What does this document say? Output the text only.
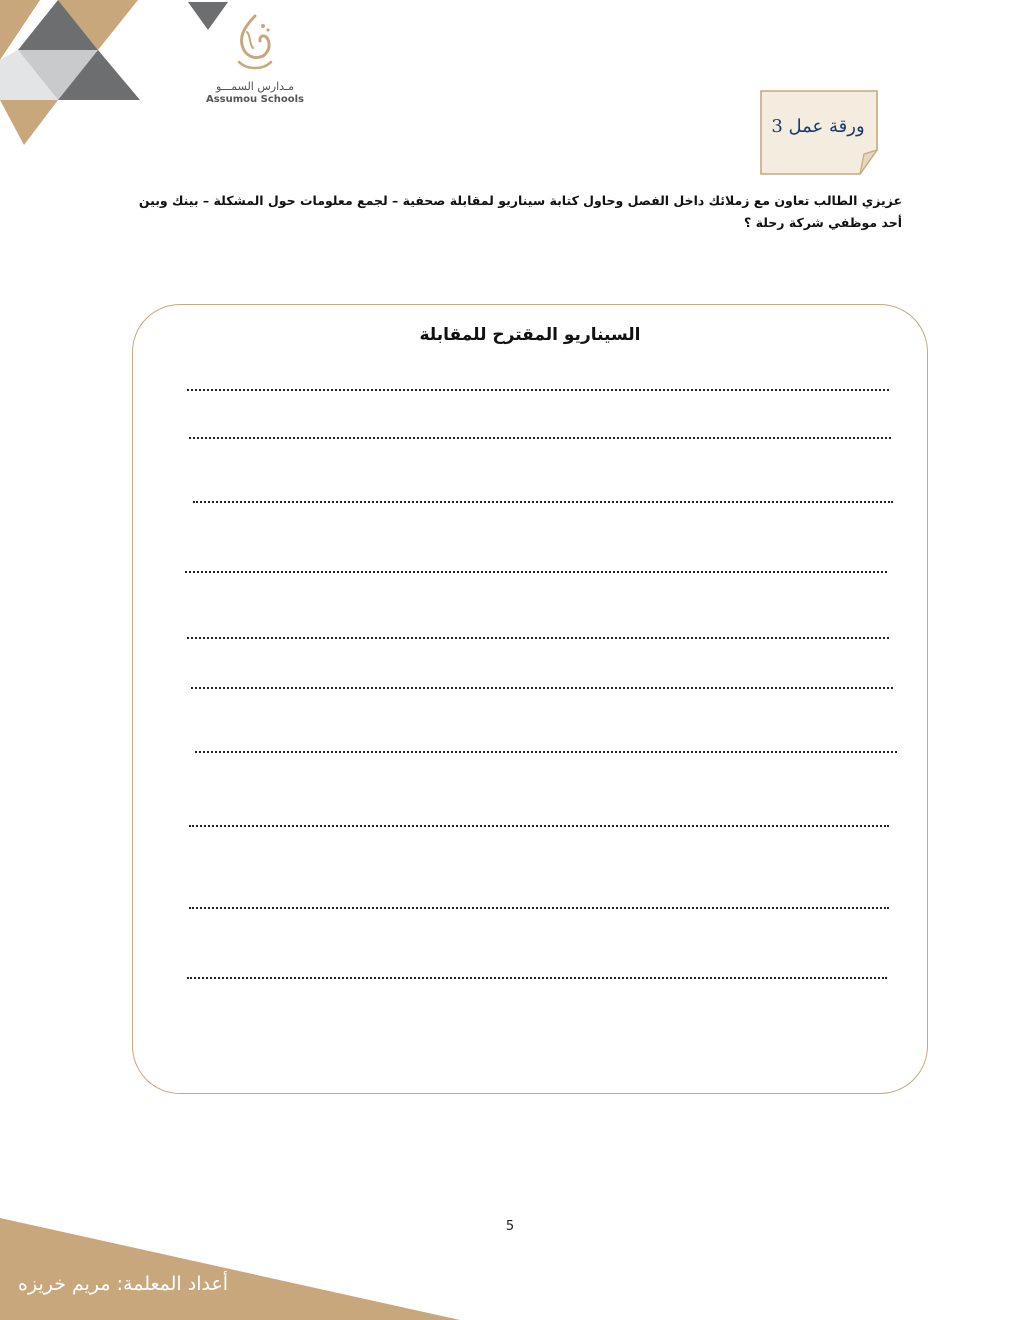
مـدارس السمـــو
Assumou Schools
ورقة عمل 3
عزيزي الطالب تعاون مع زملائك داخل الفصل وحاول كتابة سيناريو لمقابلة صحفية – لجمع معلومات حول المشكلة – بينك وبين أحد موظفي شركة رحلة ؟
السيناريو المقترح للمقابلة
5
أعداد المعلمة: مريم خريزه
